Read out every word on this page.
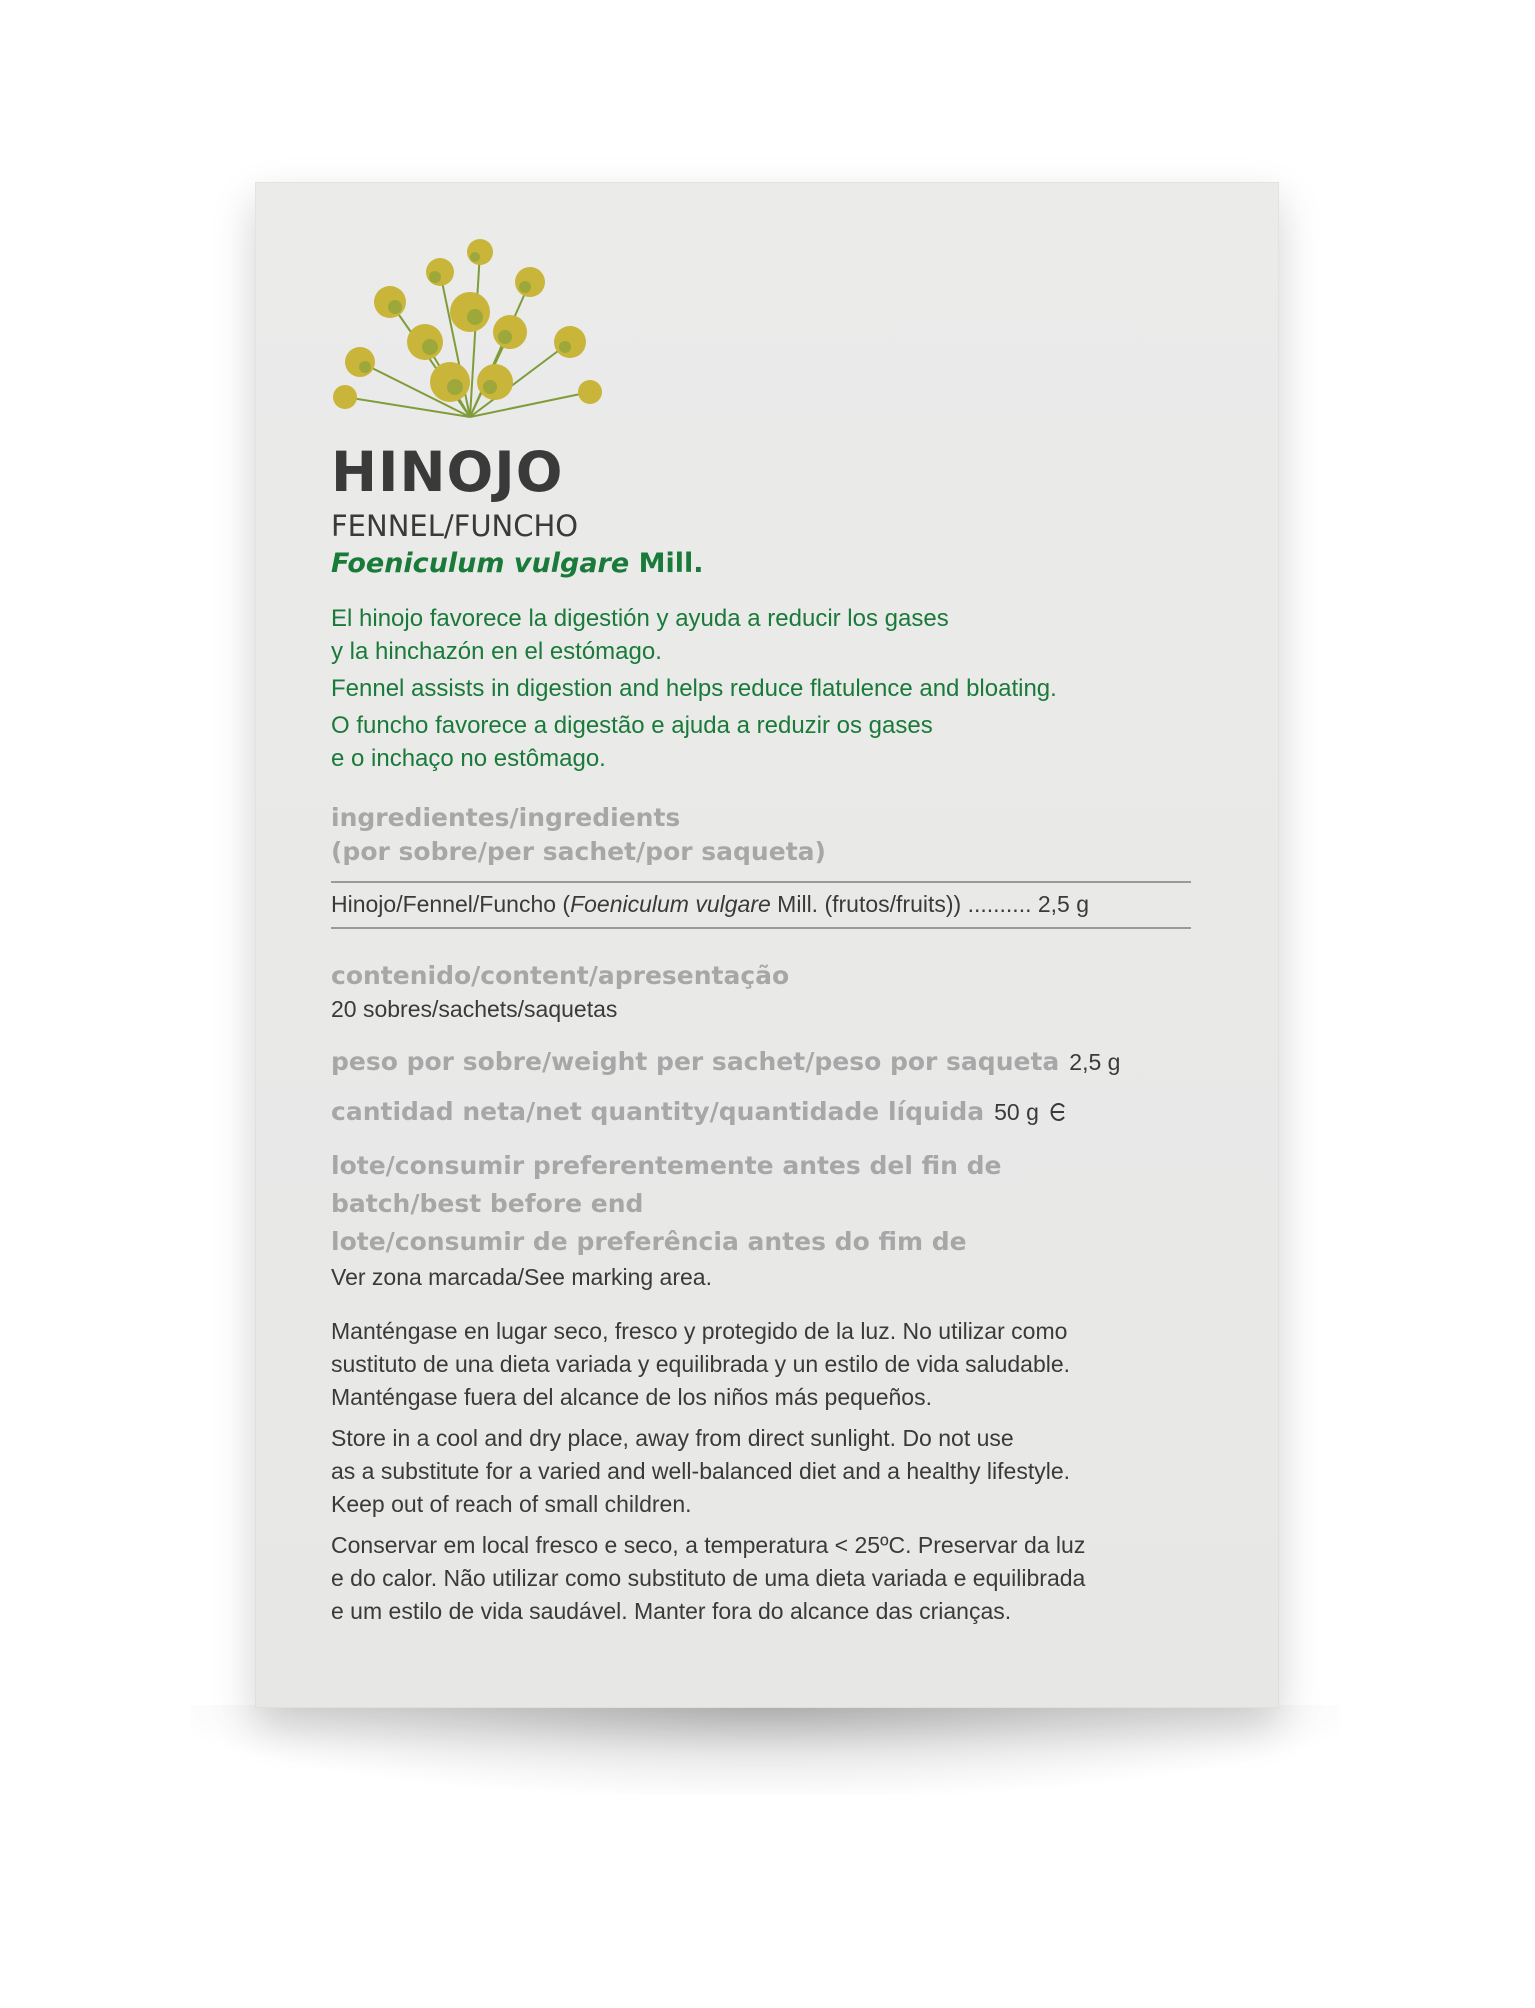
HINOJO

FENNEL/FUNCHO

Foeniculum vulgare Mill.

El hinojo favorece la digestión y ayuda a reducir los gases
y la hinchazón en el estómago.

Fennel assists in digestion and helps reduce flatulence and bloating.

O funcho favorece a digestão e ajuda a reduzir os gases
e o inchaço no estômago.

ingredientes/ingredients

(por sobre/per sachet/por saqueta)

Hinojo/Fennel/Funcho (Foeniculum vulgare Mill. (frutos/fruits)) .......... 2,5 g

contenido/content/apresentação

20 sobres/sachets/saquetas

peso por sobre/weight per sachet/peso por saqueta 2,5 g
cantidad neta/net quantity/quantidade líquida 50 g

lote/consumir preferentemente antes del fin de

batch/best before end

lote/consumir de preferência antes do fim de

Ver zona marcada/See marking area.

Manténgase en lugar seco, fresco y protegido de la luz. No utilizar como
sustituto de una dieta variada y equilibrada y un estilo de vida saludable.
Manténgase fuera del alcance de los niños más pequeños.

Store in a cool and dry place, away from direct sunlight. Do not use
as a substitute for a varied and well-balanced diet and a healthy lifestyle.
Keep out of reach of small children.

Conservar em local fresco e seco, a temperatura < 25ºC. Preservar da luz
e do calor. Não utilizar como substituto de uma dieta variada e equilibrada
e um estilo de vida saudável. Manter fora do alcance das crianças.
